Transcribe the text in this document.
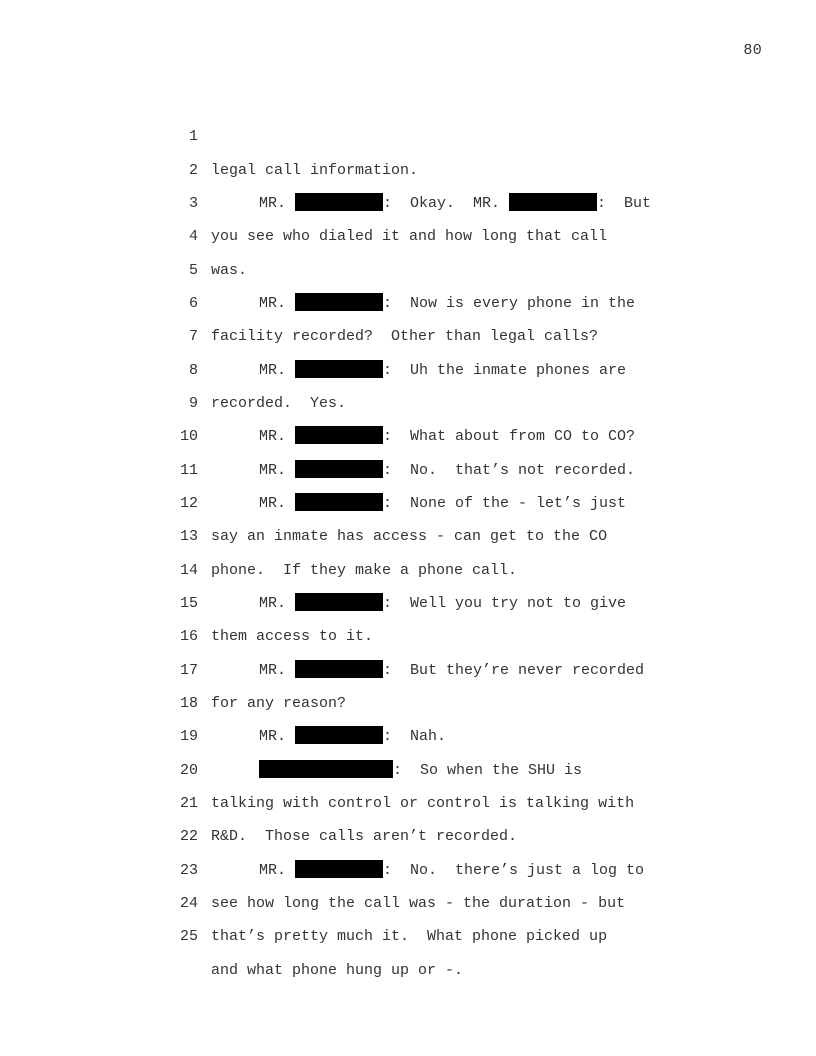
80

1

legal call information.

2

MR.	:  Okay.  MR.	:  But

3

you see who dialed it and how long that call

4

was.

5

MR.	:  Now is every phone in the

6

facility recorded?  Other than legal calls?

7

MR.	:  Uh the inmate phones are

8

recorded.  Yes.

9

MR.	:  What about from CO to CO?

10

MR.	:  No.  that’s not recorded.

11

MR.	:  None of the - let’s just

12

say an inmate has access - can get to the CO

13

phone.  If they make a phone call.

14

MR.	:  Well you try not to give

15

them access to it.

16

MR.	:  But they’re never recorded

17

for any reason?

18

MR.	:  Nah.

19

:  So when the SHU is

20

talking with control or control is talking with

21

R&D.  Those calls aren’t recorded.

22

MR.	:  No.  there’s just a log to

23

see how long the call was - the duration - but

24

that’s pretty much it.  What phone picked up

25

and what phone hung up or -.
